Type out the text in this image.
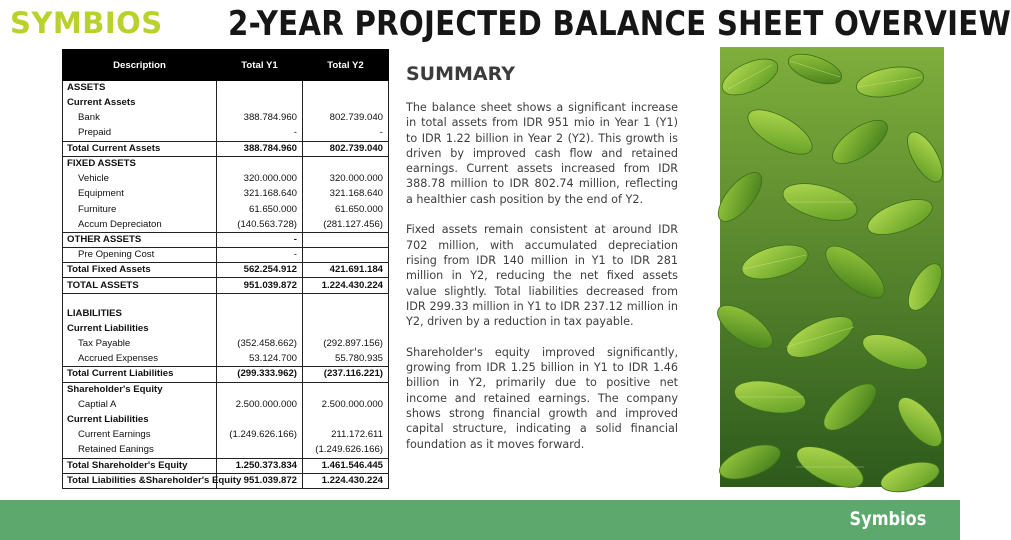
SYMBIOS 2-YEAR PROJECTED BALANCE SHEET OVERVIEW
Description	Total Y1	Total Y2
ASSETS		
Current Assets		
Bank	388.784.960	802.739.040
Prepaid	-	-
Total Current Assets	388.784.960	802.739.040
FIXED ASSETS		
Vehicle	320.000.000	320.000.000
Equipment	321.168.640	321.168.640
Furniture	61.650.000	61.650.000
Accum Depreciaton	(140.563.728)	(281.127.456)
OTHER ASSETS	-	
Pre Opening Cost	-	
Total Fixed Assets	562.254.912	421.691.184
TOTAL ASSETS	951.039.872	1.224.430.224

LIABILITIES		
Current Liabilities		
Tax Payable	(352.458.662)	(292.897.156)
Accrued Expenses	53.124.700	55.780.935
Total Current Liabilities	(299.333.962)	(237.116.221)
Shareholder's Equity		
Captial A	2.500.000.000	2.500.000.000
Current Liabilities		
Current Earnings	(1.249.626.166)	211.172.611
Retained Eanings		(1.249.626.166)
Total Shareholder's Equity	1.250.373.834	1.461.546.445
Total Liabilities &Shareholder's Equity	951.039.872	1.224.430.224
SUMMARY

The balance sheet shows a significant increase in total assets from IDR 951 mio in Year 1 (Y1) to IDR 1.22 billion in Year 2 (Y2). This growth is driven by improved cash flow and retained earnings. Current assets increased from IDR 388.78 million to IDR 802.74 million, reflecting a healthier cash position by the end of Y2.

Fixed assets remain consistent at around IDR 702 million, with accumulated depreciation rising from IDR 140 million in Y1 to IDR 281 million in Y2, reducing the net fixed assets value slightly. Total liabilities decreased from IDR 299.33 million in Y1 to IDR 237.12 million in Y2, driven by a reduction in tax payable.

Shareholder's equity improved significantly, growing from IDR 1.25 billion in Y1 to IDR 1.46 billion in Y2, primarily due to positive net income and retained earnings. The company shows strong financial growth and improved capital structure, indicating a solid financial foundation as it moves forward.

Symbios
